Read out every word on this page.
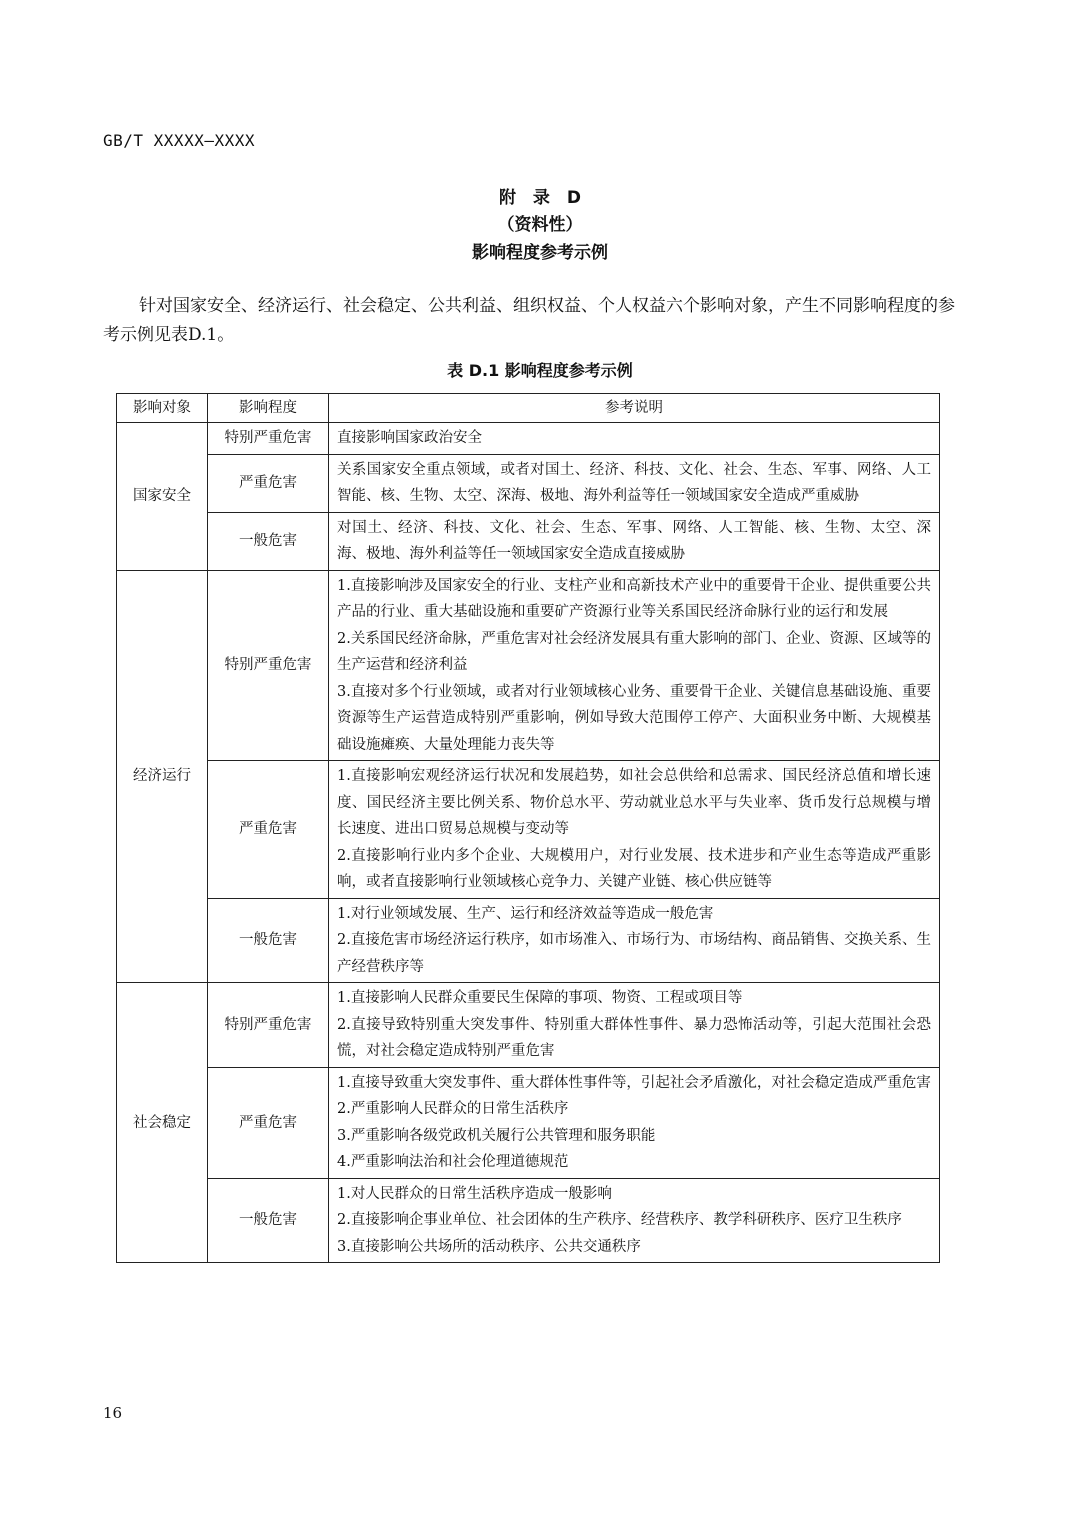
GB/T XXXXX—XXXX
附　录　D
（资料性）
影响程度参考示例
针对国家安全、经济运行、社会稳定、公共利益、组织权益、个人权益六个影响对象，产生不同影响程度的参考示例见表D.1。
表 D.1 影响程度参考示例
影响对象	影响程度	参考说明
国家安全	特别严重危害	直接影响国家政治安全

	严重危害	关系国家安全重点领域，或者对国土、经济、科技、文化、社会、生态、军事、网络、人工智能、核、生物、太空、深海、极地、海外利益等任一领域国家安全造成严重威胁

	一般危害	对国土、经济、科技、文化、社会、生态、军事、网络、人工智能、核、生物、太空、深海、极地、海外利益等任一领域国家安全造成直接威胁

经济运行	特别严重危害	1.直接影响涉及国家安全的行业、支柱产业和高新技术产业中的重要骨干企业、提供重要公共产品的行业、重大基础设施和重要矿产资源行业等关系国民经济命脉行业的运行和发展
2.关系国民经济命脉，严重危害对社会经济发展具有重大影响的部门、企业、资源、区域等的生产运营和经济利益
3.直接对多个行业领域，或者对行业领域核心业务、重要骨干企业、关键信息基础设施、重要资源等生产运营造成特别严重影响，例如导致大范围停工停产、大面积业务中断、大规模基础设施瘫痪、大量处理能力丧失等

	严重危害	1.直接影响宏观经济运行状况和发展趋势，如社会总供给和总需求、国民经济总值和增长速度、国民经济主要比例关系、物价总水平、劳动就业总水平与失业率、货币发行总规模与增长速度、进出口贸易总规模与变动等
2.直接影响行业内多个企业、大规模用户，对行业发展、技术进步和产业生态等造成严重影响，或者直接影响行业领域核心竞争力、关键产业链、核心供应链等

	一般危害	1.对行业领域发展、生产、运行和经济效益等造成一般危害
2.直接危害市场经济运行秩序，如市场准入、市场行为、市场结构、商品销售、交换关系、生产经营秩序等

社会稳定	特别严重危害	1.直接影响人民群众重要民生保障的事项、物资、工程或项目等
2.直接导致特别重大突发事件、特别重大群体性事件、暴力恐怖活动等，引起大范围社会恐慌，对社会稳定造成特别严重危害

	严重危害	1.直接导致重大突发事件、重大群体性事件等，引起社会矛盾激化，对社会稳定造成严重危害
2.严重影响人民群众的日常生活秩序
3.严重影响各级党政机关履行公共管理和服务职能
4.严重影响法治和社会伦理道德规范

	一般危害	1.对人民群众的日常生活秩序造成一般影响
2.直接影响企事业单位、社会团体的生产秩序、经营秩序、教学科研秩序、医疗卫生秩序
3.直接影响公共场所的活动秩序、公共交通秩序
16
